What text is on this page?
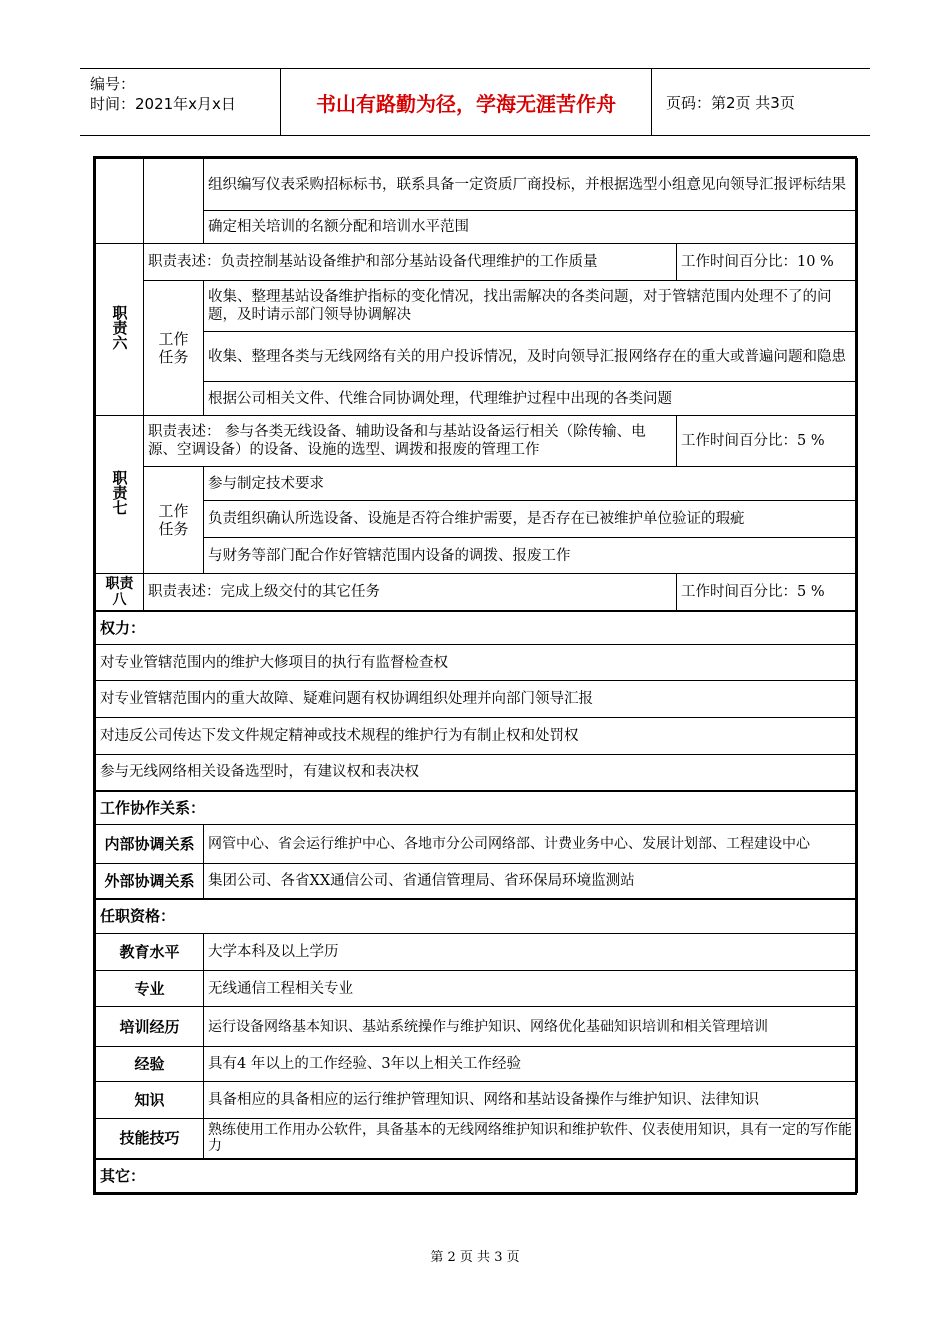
编号：
时间：2021年x月x日	书山有路勤为径，学海无涯苦作舟	页码：第2页 共3页
		组织编写仪表采购招标标书，联系具备一定资质厂商投标，并根据选型小组意见向领导汇报评标结果	
		确定相关培训的名额分配和培训水平范围	
职责六	职责表述：负责控制基站设备维护和部分基站设备代理维护的工作质量		工作时间百分比：10 %
	工作任务	收集、整理基站设备维护指标的变化情况，找出需解决的各类问题，对于管辖范围内处理不了的问题，及时请示部门领导协调解决	
		收集、整理各类与无线网络有关的用户投诉情况，及时向领导汇报网络存在的重大或普遍问题和隐患	
		根据公司相关文件、代维合同协调处理，代理维护过程中出现的各类问题	
职责七	职责表述： 参与各类无线设备、辅助设备和与基站设备运行相关（除传输、电源、空调设备）的设备、设施的选型、调拨和报废的管理工作		工作时间百分比：5 %
	工作任务	参与制定技术要求	
		负责组织确认所选设备、设施是否符合维护需要，是否存在已被维护单位验证的瑕疵	
		与财务等部门配合作好管辖范围内设备的调拨、报废工作	
职责八	职责表述：完成上级交付的其它任务		工作时间百分比：5 %
权力：			
对专业管辖范围内的维护大修项目的执行有监督检查权			
对专业管辖范围内的重大故障、疑难问题有权协调组织处理并向部门领导汇报			
对违反公司传达下发文件规定精神或技术规程的维护行为有制止权和处罚权			
参与无线网络相关设备选型时，有建议权和表决权			
工作协作关系：			
内部协调关系		网管中心、省会运行维护中心、各地市分公司网络部、计费业务中心、发展计划部、工程建设中心	
外部协调关系		集团公司、各省XX通信公司、省通信管理局、省环保局环境监测站	
任职资格：			
教育水平		大学本科及以上学历	
专业		无线通信工程相关专业	
培训经历		运行设备网络基本知识、基站系统操作与维护知识、网络优化基础知识培训和相关管理培训	
经验		具有4 年以上的工作经验、3年以上相关工作经验	
知识		具备相应的具备相应的运行维护管理知识、网络和基站设备操作与维护知识、法律知识	
技能技巧		熟练使用工作用办公软件，具备基本的无线网络维护知识和维护软件、仪表使用知识，具有一定的写作能力	
其它：			
第 2 页 共 3 页
